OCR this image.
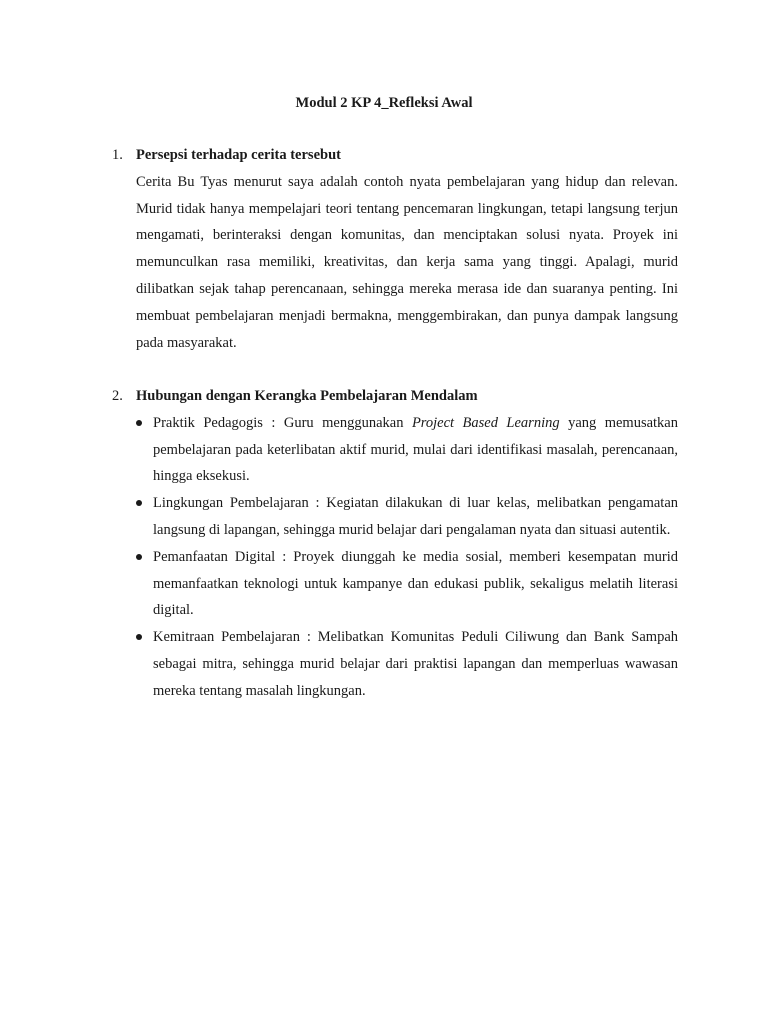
Modul 2 KP 4_Refleksi Awal
1. Persepsi terhadap cerita tersebut
Cerita Bu Tyas menurut saya adalah contoh nyata pembelajaran yang hidup dan relevan. Murid tidak hanya mempelajari teori tentang pencemaran lingkungan, tetapi langsung terjun mengamati, berinteraksi dengan komunitas, dan menciptakan solusi nyata. Proyek ini memunculkan rasa memiliki, kreativitas, dan kerja sama yang tinggi. Apalagi, murid dilibatkan sejak tahap perencanaan, sehingga mereka merasa ide dan suaranya penting. Ini membuat pembelajaran menjadi bermakna, menggembirakan, dan punya dampak langsung pada masyarakat.
2. Hubungan dengan Kerangka Pembelajaran Mendalam
Praktik Pedagogis : Guru menggunakan Project Based Learning yang memusatkan pembelajaran pada keterlibatan aktif murid, mulai dari identifikasi masalah, perencanaan, hingga eksekusi.
Lingkungan Pembelajaran : Kegiatan dilakukan di luar kelas, melibatkan pengamatan langsung di lapangan, sehingga murid belajar dari pengalaman nyata dan situasi autentik.
Pemanfaatan Digital : Proyek diunggah ke media sosial, memberi kesempatan murid memanfaatkan teknologi untuk kampanye dan edukasi publik, sekaligus melatih literasi digital.
Kemitraan Pembelajaran : Melibatkan Komunitas Peduli Ciliwung dan Bank Sampah sebagai mitra, sehingga murid belajar dari praktisi lapangan dan memperluas wawasan mereka tentang masalah lingkungan.
